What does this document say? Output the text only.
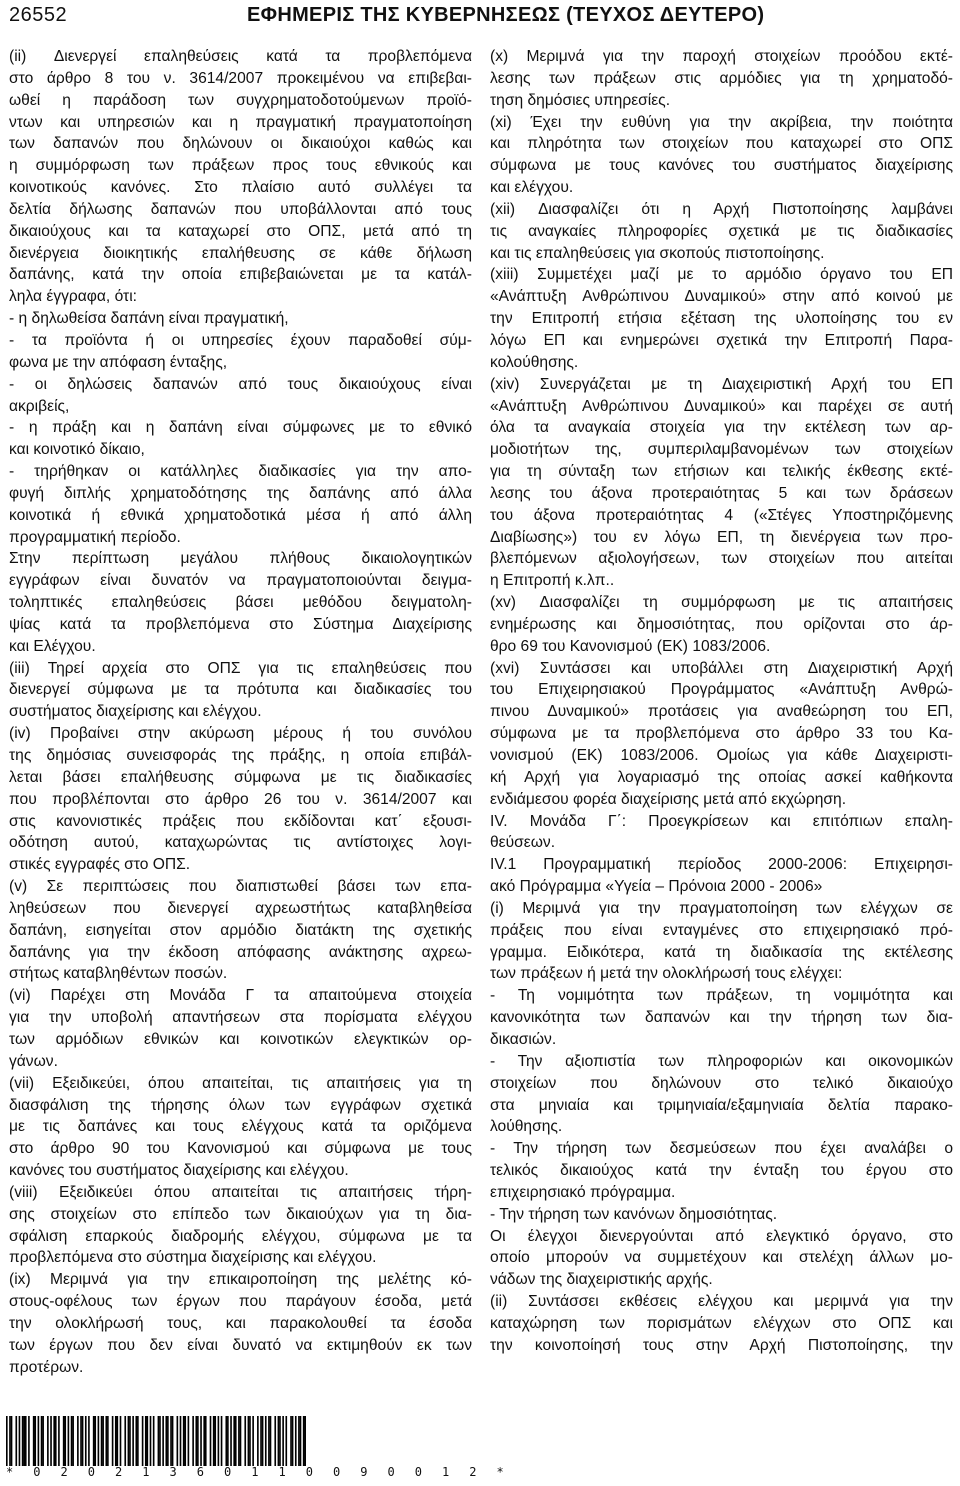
26552	ΕΦΗΜΕΡΙΣ ΤΗΣ ΚΥΒΕΡΝΗΣΕΩΣ (ΤΕΥΧΟΣ ΔΕΥΤΕΡΟ)
(ii) Διενεργεί επαληθεύσεις κατά τα προβλεπόμενα
στο άρθρο 8 του ν. 3614/2007 προκειμένου να επιβεβαι-
ωθεί η παράδοση των συγχρηματοδοτούμενων προϊό-
ντων και υπηρεσιών και η πραγματική πραγματοποίηση
των δαπανών που δηλώνουν οι δικαιούχοι καθώς και
η συμμόρφωση των πράξεων προς τους εθνικούς και
κοινοτικούς κανόνες. Στο πλαίσιο αυτό συλλέγει τα
δελτία δήλωσης δαπανών που υποβάλλονται από τους
δικαιούχους και τα καταχωρεί στο ΟΠΣ, μετά από τη
διενέργεια διοικητικής επαλήθευσης σε κάθε δήλωση
δαπάνης, κατά την οποία επιβεβαιώνεται με τα κατάλ-
ληλα έγγραφα, ότι:
- η δηλωθείσα δαπάνη είναι πραγματική,
- τα προϊόντα ή οι υπηρεσίες έχουν παραδοθεί σύμ-
φωνα με την απόφαση ένταξης,
- οι δηλώσεις δαπανών από τους δικαιούχους είναι
ακριβείς,
- η πράξη και η δαπάνη είναι σύμφωνες με το εθνικό
και κοινοτικό δίκαιο,
- τηρήθηκαν οι κατάλληλες διαδικασίες για την απο-
φυγή διπλής χρηματοδότησης της δαπάνης από άλλα
κοινοτικά ή εθνικά χρηματοδοτικά μέσα ή από άλλη
προγραμματική περίοδο.
Στην περίπτωση μεγάλου πλήθους δικαιολογητικών
εγγράφων είναι δυνατόν να πραγματοποιούνται δειγμα-
τοληπτικές επαληθεύσεις βάσει μεθόδου δειγματολη-
ψίας κατά τα προβλεπόμενα στο Σύστημα Διαχείρισης
και Ελέγχου.
(iii) Τηρεί αρχεία στο ΟΠΣ για τις επαληθεύσεις που
διενεργεί σύμφωνα με τα πρότυπα και διαδικασίες του
συστήματος διαχείρισης και ελέγχου.
(iv) Προβαίνει στην ακύρωση μέρους ή του συνόλου
της δημόσιας συνεισφοράς της πράξης, η οποία επιβάλ-
λεται βάσει επαλήθευσης σύμφωνα με τις διαδικασίες
που προβλέπονται στο άρθρο 26 του ν. 3614/2007 και
στις κανονιστικές πράξεις που εκδίδονται κατ΄ εξουσι-
οδότηση αυτού, καταχωρώντας τις αντίστοιχες λογι-
στικές εγγραφές στο ΟΠΣ.
(v) Σε περιπτώσεις που διαπιστωθεί βάσει των επα-
ληθεύσεων που διενεργεί αχρεωστήτως καταβληθείσα
δαπάνη, εισηγείται στον αρμόδιο διατάκτη της σχετικής
δαπάνης για την έκδοση απόφασης ανάκτησης αχρεω-
στήτως καταβληθέντων ποσών.
(vi) Παρέχει στη Μονάδα Γ τα απαιτούμενα στοιχεία
για την υποβολή απαντήσεων στα πορίσματα ελέγχου
των αρμόδιων εθνικών και κοινοτικών ελεγκτικών ορ-
γάνων.
(vii) Εξειδικεύει, όπου απαιτείται, τις απαιτήσεις για τη
διασφάλιση της τήρησης όλων των εγγράφων σχετικά
με τις δαπάνες και τους ελέγχους κατά τα οριζόμενα
στο άρθρο 90 του Κανονισμού και σύμφωνα με τους
κανόνες του συστήματος διαχείρισης και ελέγχου.
(viii) Εξειδικεύει όπου απαιτείται τις απαιτήσεις τήρη-
σης στοιχείων στο επίπεδο των δικαιούχων για τη δια-
σφάλιση επαρκούς διαδρομής ελέγχου, σύμφωνα με τα
προβλεπόμενα στο σύστημα διαχείρισης και ελέγχου.
(ix) Μεριμνά για την επικαιροποίηση της μελέτης κό-
στους-οφέλους των έργων που παράγουν έσοδα, μετά
την ολοκλήρωσή τους, και παρακολουθεί τα έσοδα
των έργων που δεν είναι δυνατό να εκτιμηθούν εκ των
προτέρων.
(x) Μεριμνά για την παροχή στοιχείων προόδου εκτέ-
λεσης των πράξεων στις αρμόδιες για τη χρηματοδό-
τηση δημόσιες υπηρεσίες.
(xi) Έχει την ευθύνη για την ακρίβεια, την ποιότητα
και πληρότητα των στοιχείων που καταχωρεί στο ΟΠΣ
σύμφωνα με τους κανόνες του συστήματος διαχείρισης
και ελέγχου.
(xii) Διασφαλίζει ότι η Αρχή Πιστοποίησης λαμβάνει
τις αναγκαίες πληροφορίες σχετικά με τις διαδικασίες
και τις επαληθεύσεις για σκοπούς πιστοποίησης.
(xiii) Συμμετέχει μαζί με το αρμόδιο όργανο του ΕΠ
«Ανάπτυξη Ανθρώπινου Δυναμικού» στην από κοινού με
την Επιτροπή ετήσια εξέταση της υλοποίησης του εν
λόγω ΕΠ και ενημερώνει σχετικά την Επιτροπή Παρα-
κολούθησης.
(xiv) Συνεργάζεται με τη Διαχειριστική Αρχή του ΕΠ
«Ανάπτυξη Ανθρώπινου Δυναμικού» και παρέχει σε αυτή
όλα τα αναγκαία στοιχεία για την εκτέλεση των αρ-
μοδιοτήτων της, συμπεριλαμβανομένων των στοιχείων
για τη σύνταξη των ετήσιων και τελικής έκθεσης εκτέ-
λεσης του άξονα προτεραιότητας 5 και των δράσεων
του άξονα προτεραιότητας 4 («Στέγες Υποστηριζόμενης
Διαβίωσης») του εν λόγω ΕΠ, τη διενέργεια των προ-
βλεπόμενων αξιολογήσεων, των στοιχείων που αιτείται
η Επιτροπή κ.λπ..
(xv) Διασφαλίζει τη συμμόρφωση με τις απαιτήσεις
ενημέρωσης και δημοσιότητας, που ορίζονται στο άρ-
θρο 69 του Κανονισμού (ΕΚ) 1083/2006.
(xvi) Συντάσσει και υποβάλλει στη Διαχειριστική Αρχή
του Επιχειρησιακού Προγράμματος «Ανάπτυξη Ανθρώ-
πινου Δυναμικού» προτάσεις για αναθεώρηση του ΕΠ,
σύμφωνα με τα προβλεπόμενα στο άρθρο 33 του Κα-
νονισμού (ΕΚ) 1083/2006. Ομοίως για κάθε Διαχειριστι-
κή Αρχή για λογαριασμό της οποίας ασκεί καθήκοντα
ενδιάμεσου φορέα διαχείρισης μετά από εκχώρηση.
IV. Μονάδα Γ΄: Προεγκρίσεων και επιτόπιων επαλη-
θεύσεων.
IV.1 Προγραμματική περίοδος 2000-2006: Επιχειρησι-
ακό Πρόγραμμα «Υγεία – Πρόνοια 2000 - 2006»
(i) Μεριμνά για την πραγματοποίηση των ελέγχων σε
πράξεις που είναι ενταγμένες στο επιχειρησιακό πρό-
γραμμα. Ειδικότερα, κατά τη διαδικασία της εκτέλεσης
των πράξεων ή μετά την ολοκλήρωσή τους ελέγχει:
- Τη νομιμότητα των πράξεων, τη νομιμότητα και
κανονικότητα των δαπανών και την τήρηση των δια-
δικασιών.
- Την αξιοπιστία των πληροφοριών και οικονομικών
στοιχείων που δηλώνουν στο τελικό δικαιούχο
στα μηνιαία και τριμηνιαία/εξαμηνιαία δελτία παρακο-
λούθησης.
- Την τήρηση των δεσμεύσεων που έχει αναλάβει ο
τελικός δικαιούχος κατά την ένταξη του έργου στο
επιχειρησιακό πρόγραμμα.
- Την τήρηση των κανόνων δημοσιότητας.
Οι έλεγχοι διενεργούνται από ελεγκτικό όργανο, στο
οποίο μπορούν να συμμετέχουν και στελέχη άλλων μο-
νάδων της διαχειριστικής αρχής.
(ii) Συντάσσει εκθέσεις ελέγχου και μεριμνά για την
καταχώρηση των πορισμάτων ελέγχων στο ΟΠΣ και
την κοινοποίησή τους στην Αρχή Πιστοποίησης, την
* 0 2 0 2 1 3 6 0 1 1 0 0 9 0 0 1 2 *
